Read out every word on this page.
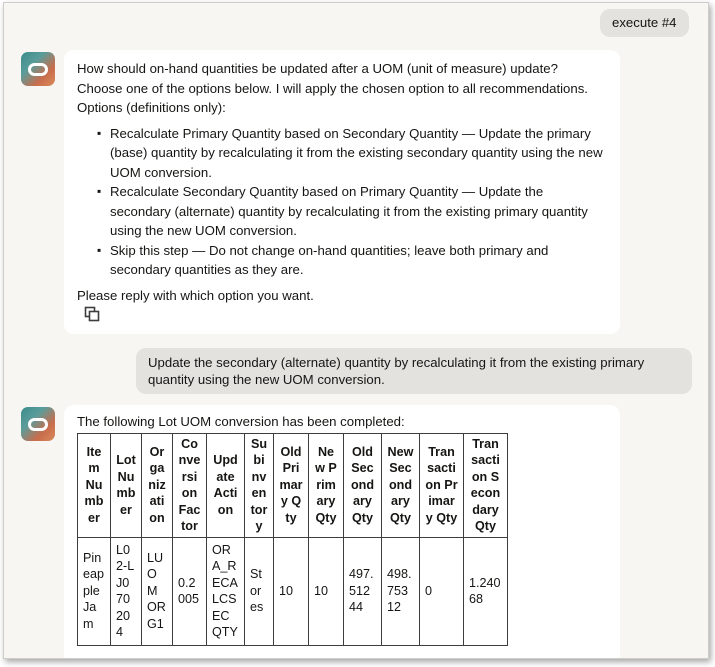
execute #4

How should on-hand quantities be updated after a UOM (unit of measure) update? Choose one of the options below. I will apply the chosen option to all recommendations. Options (definitions only):

▪ Recalculate Primary Quantity based on Secondary Quantity — Update the primary (base) quantity by recalculating it from the existing secondary quantity using the new UOM conversion.
▪ Recalculate Secondary Quantity based on Primary Quantity — Update the secondary (alternate) quantity by recalculating it from the existing primary quantity using the new UOM conversion.
▪ Skip this step — Do not change on-hand quantities; leave both primary and secondary quantities as they are.

Please reply with which option you want.

Update the secondary (alternate) quantity by recalculating it from the existing primary quantity using the new UOM conversion.

The following Lot UOM conversion has been completed:

Item Number	Lot Number	Organization	Conversion Factor	Update Action	Subinventory	Old Primary Qty	New Primary Qty	Old Secondary Qty	New Secondary Qty	Transaction Primary Qty	Transaction Secondary Qty
PineappleJam	L02-LJ070204	LUOMORG1	0.2005	ORA_RECALCSECQTY	Stores	10	10	497.51244	498.75312	0	1.24068
